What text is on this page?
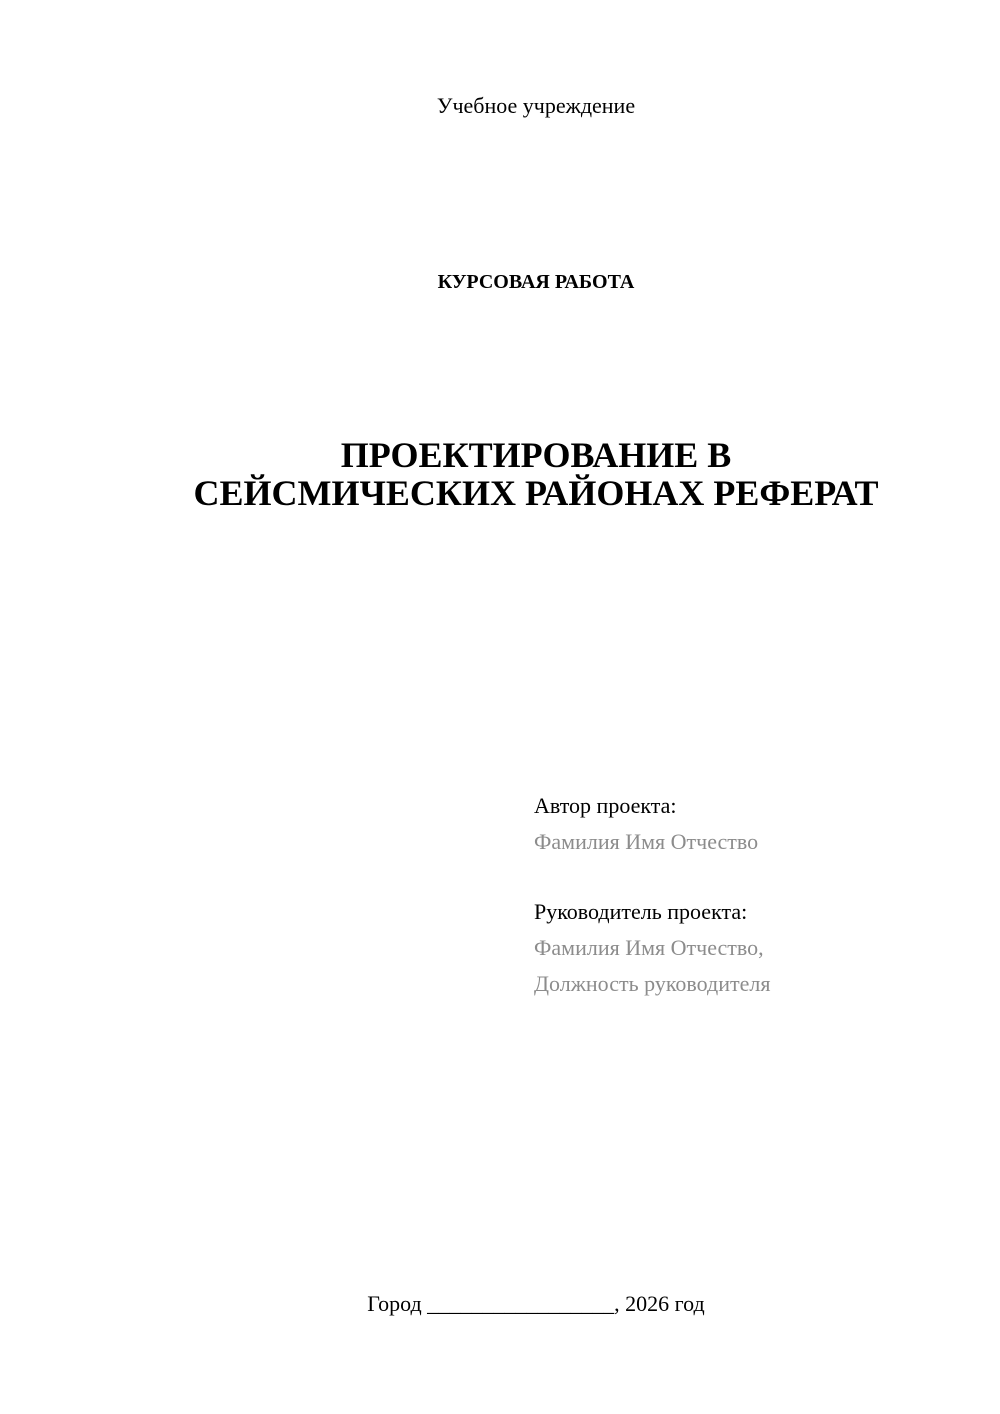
Учебное учреждение
КУРСОВАЯ РАБОТА
ПРОЕКТИРОВАНИЕ В
СЕЙСМИЧЕСКИХ РАЙОНАХ РЕФЕРАТ
Автор проекта:
Фамилия Имя Отчество
Руководитель проекта:
Фамилия Имя Отчество,
Должность руководителя
Город _________________, 2026 год
